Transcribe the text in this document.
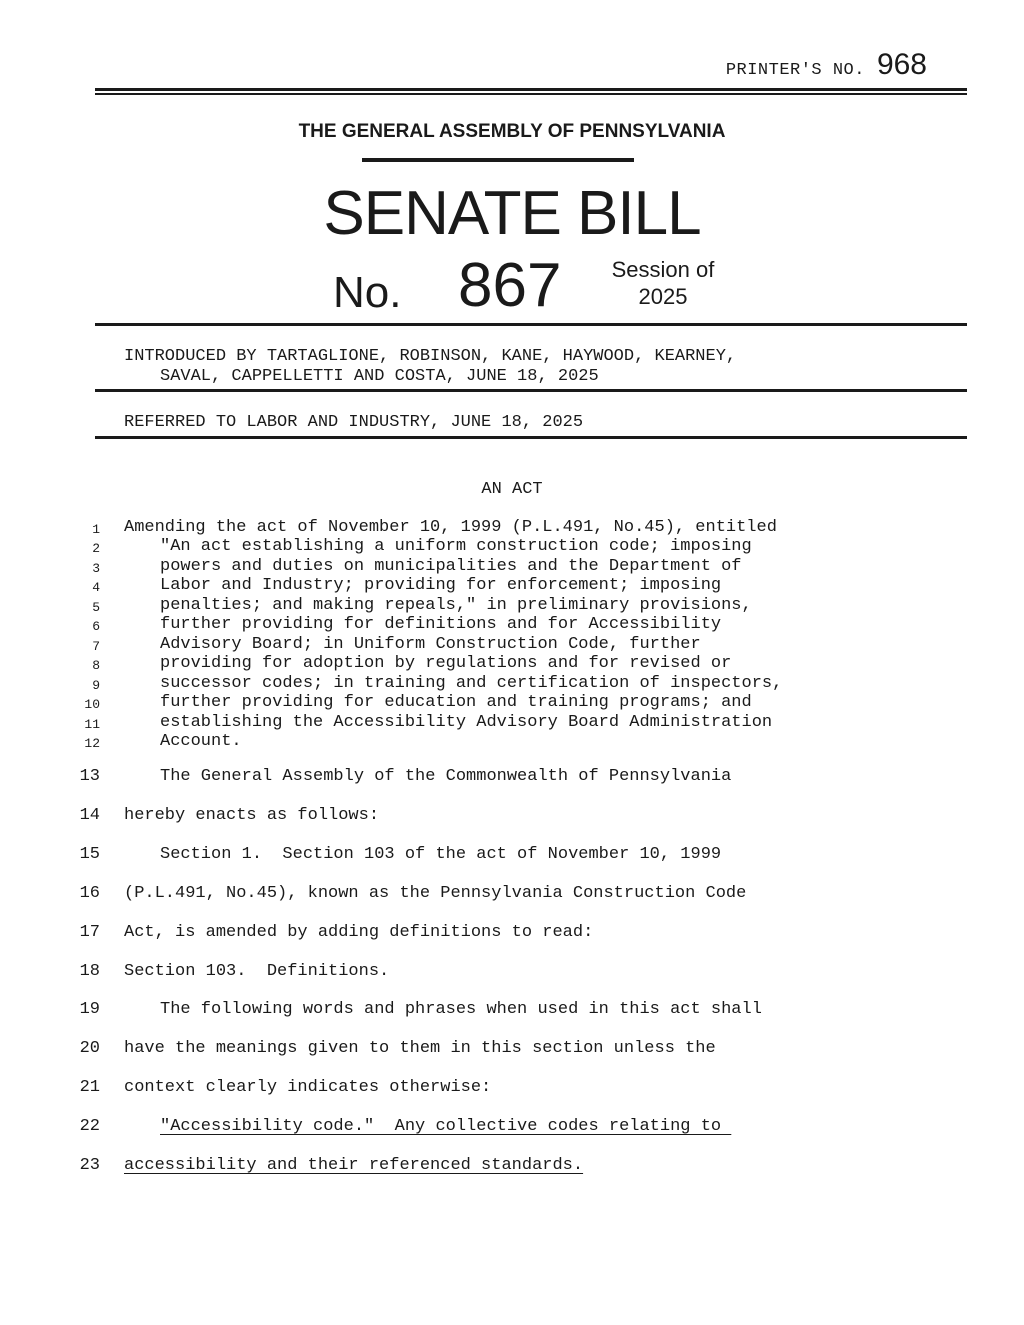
PRINTER'S NO. 968
THE GENERAL ASSEMBLY OF PENNSYLVANIA
SENATE BILL
No. 867 Session of
2025
INTRODUCED BY TARTAGLIONE, ROBINSON, KANE, HAYWOOD, KEARNEY,
SAVAL, CAPPELLETTI AND COSTA, JUNE 18, 2025
REFERRED TO LABOR AND INDUSTRY, JUNE 18, 2025
AN ACT
1 Amending the act of November 10, 1999 (P.L.491, No.45), entitled
2	"An act establishing a uniform construction code; imposing
3	powers and duties on municipalities and the Department of
4	Labor and Industry; providing for enforcement; imposing
5	penalties; and making repeals," in preliminary provisions,
6	further providing for definitions and for Accessibility
7	Advisory Board; in Uniform Construction Code, further
8	providing for adoption by regulations and for revised or
9	successor codes; in training and certification of inspectors,
10	further providing for education and training programs; and
11	establishing the Accessibility Advisory Board Administration
12	Account.
13	The General Assembly of the Commonwealth of Pennsylvania
14 hereby enacts as follows:
15	Section 1.  Section 103 of the act of November 10, 1999
16 (P.L.491, No.45), known as the Pennsylvania Construction Code
17 Act, is amended by adding definitions to read:
18 Section 103.  Definitions.
19	The following words and phrases when used in this act shall
20 have the meanings given to them in this section unless the
21 context clearly indicates otherwise:
22	"Accessibility code."  Any collective codes relating to
23 accessibility and their referenced standards.
